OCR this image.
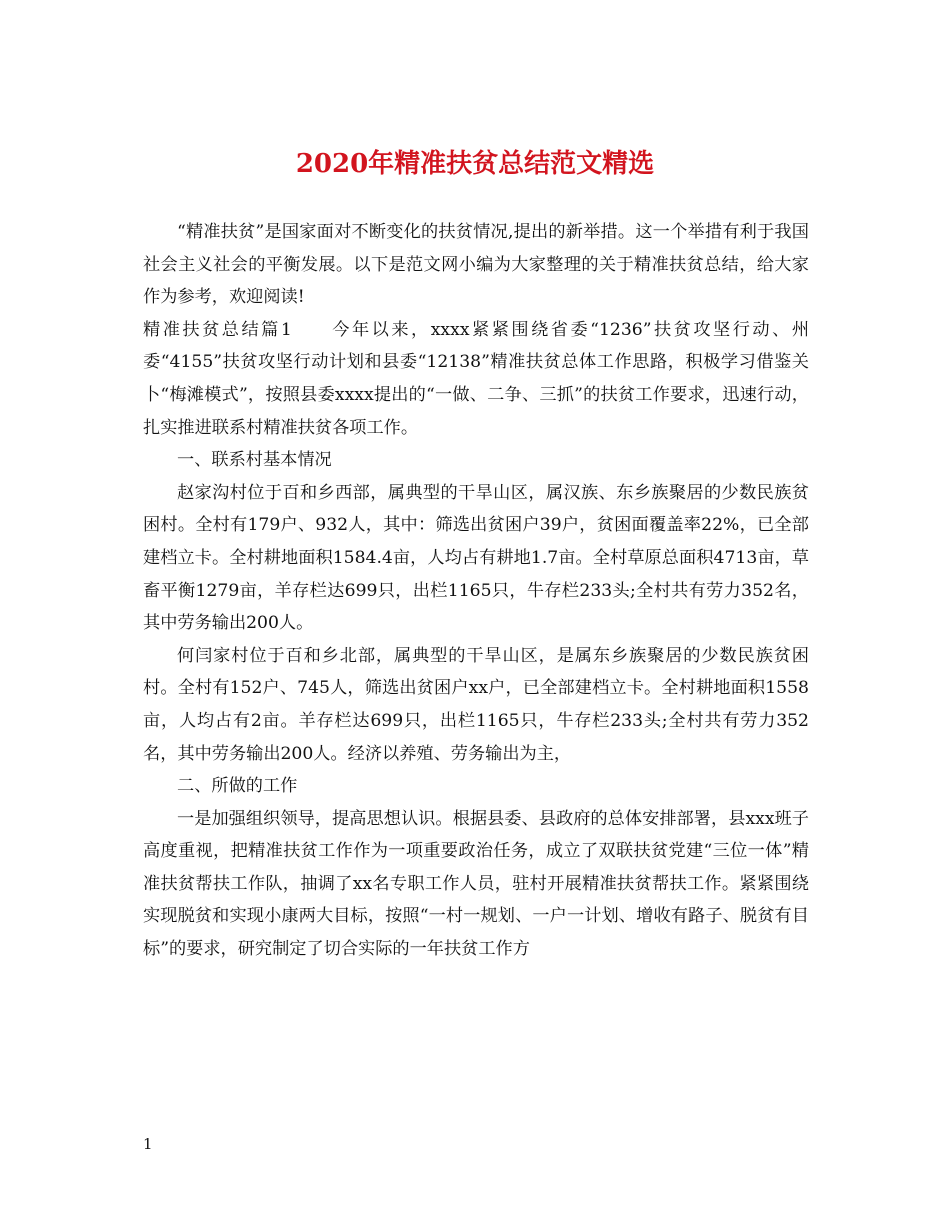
2020年精准扶贫总结范文精选

“精准扶贫”是国家面对不断变化的扶贫情况,提出的新举措。这一个举措有利于我国社会主义社会的平衡发展。以下是范文网小编为大家整理的关于精准扶贫总结，给大家作为参考，欢迎阅读!

精准扶贫总结篇1 今年以来，xxxx紧紧围绕省委“1236”扶贫攻坚行动、州委“4155”扶贫攻坚行动计划和县委“12138”精准扶贫总体工作思路，积极学习借鉴关卜“梅滩模式”，按照县委xxxx提出的“一做、二争、三抓”的扶贫工作要求，迅速行动，扎实推进联系村精准扶贫各项工作。

一、联系村基本情况

赵家沟村位于百和乡西部，属典型的干旱山区，属汉族、东乡族聚居的少数民族贫困村。全村有179户、932人，其中：筛选出贫困户39户，贫困面覆盖率22%，已全部建档立卡。全村耕地面积1584.4亩，人均占有耕地1.7亩。全村草原总面积4713亩，草畜平衡1279亩，羊存栏达699只，出栏1165只，牛存栏233头;全村共有劳力352名，其中劳务输出200人。

何闫家村位于百和乡北部，属典型的干旱山区，是属东乡族聚居的少数民族贫困村。全村有152户、745人，筛选出贫困户xx户，已全部建档立卡。全村耕地面积1558亩，人均占有2亩。羊存栏达699只，出栏1165只，牛存栏233头;全村共有劳力352名，其中劳务输出200人。经济以养殖、劳务输出为主，

二、所做的工作

一是加强组织领导，提高思想认识。根据县委、县政府的总体安排部署，县xxx班子高度重视，把精准扶贫工作作为一项重要政治任务，成立了双联扶贫党建“三位一体”精准扶贫帮扶工作队，抽调了xx名专职工作人员，驻村开展精准扶贫帮扶工作。紧紧围绕实现脱贫和实现小康两大目标，按照“一村一规划、一户一计划、增收有路子、脱贫有目标”的要求，研究制定了切合实际的一年扶贫工作方

1
